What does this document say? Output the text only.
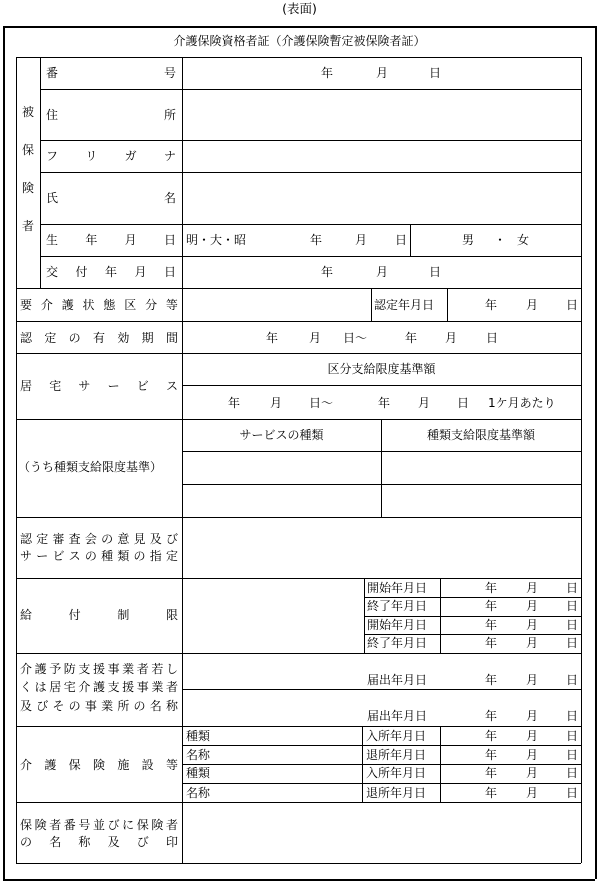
(表面)
介護保険資格者証（介護保険暫定被保険者証）
被
保
険
者
番	号	年	月	日
住	所
フ リ ガ ナ
氏	名
生 年 月 日 明・大・昭	年	月 日	男 ・ 女
交 付 年 月 日	年	月	日
要 介 護 状 態 区 分 等	認定年月日	年 月 日
認 定 の 有 効 期 間	年	月 日〜	年 月 日
居 宅 サ ー ビ ス
区分支給限度基準額
年 月 日〜	年 月 日 1ケ月あたり
（うち種類支給限度基準）
サービスの種類	種類支給限度基準額
認 定 審 査 会 の 意 見 及 び
サ ー ビ ス の 種 類 の 指 定
給	付	制	限
開始年月日	年 月 日
終了年月日	年 月 日
開始年月日	年 月 日
終了年月日	年 月 日
介 護 予 防 支 援 事 業 者 若 し
く は 居 宅 介 護 支 援 事 業 者
及 び そ の 事 業 所 の 名 称
届出年月日	年 月 日
届出年月日	年 月 日
介 護 保 険 施 設 等
種類	入所年月日	年 月 日
名称	退所年月日	年 月 日
種類	入所年月日	年 月 日
名称	退所年月日	年 月 日
保 険 者 番 号 並 び に 保 険 者
の 名 称 及 び 印
